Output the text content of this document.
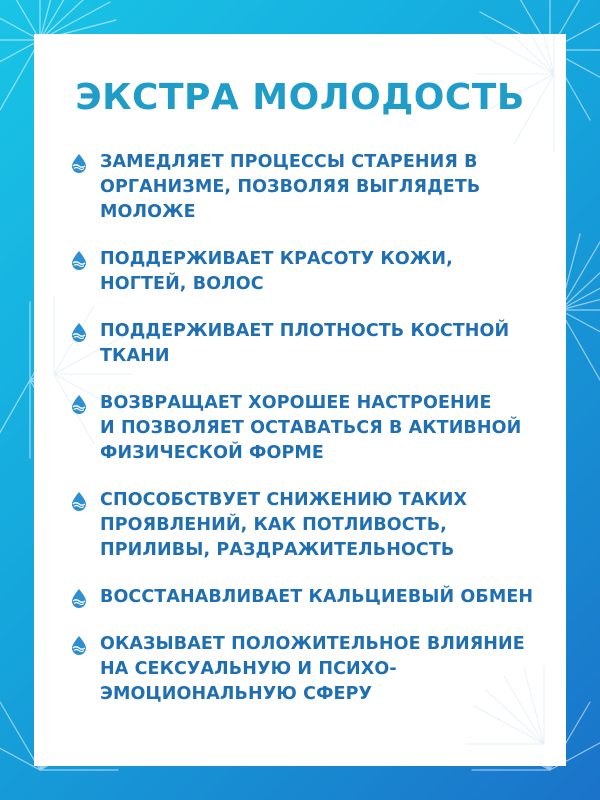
ЭКСТРА МОЛОДОСТЬ
ЗАМЕДЛЯЕТ ПРОЦЕССЫ СТАРЕНИЯ В
ОРГАНИЗМЕ, ПОЗВОЛЯЯ ВЫГЛЯДЕТЬ
МОЛОЖЕ
ПОДДЕРЖИВАЕТ КРАСОТУ КОЖИ,
НОГТЕЙ, ВОЛОС
ПОДДЕРЖИВАЕТ ПЛОТНОСТЬ КОСТНОЙ
ТКАНИ
ВОЗВРАЩАЕТ ХОРОШЕЕ НАСТРОЕНИЕ
И ПОЗВОЛЯЕТ ОСТАВАТЬСЯ В АКТИВНОЙ
ФИЗИЧЕСКОЙ ФОРМЕ
СПОСОБСТВУЕТ СНИЖЕНИЮ ТАКИХ
ПРОЯВЛЕНИЙ, КАК ПОТЛИВОСТЬ,
ПРИЛИВЫ, РАЗДРАЖИТЕЛЬНОСТЬ
ВОССТАНАВЛИВАЕТ КАЛЬЦИЕВЫЙ ОБМЕН
ОКАЗЫВАЕТ ПОЛОЖИТЕЛЬНОЕ ВЛИЯНИЕ
НА СЕКСУАЛЬНУЮ И ПСИХО-
ЭМОЦИОНАЛЬНУЮ СФЕРУ
